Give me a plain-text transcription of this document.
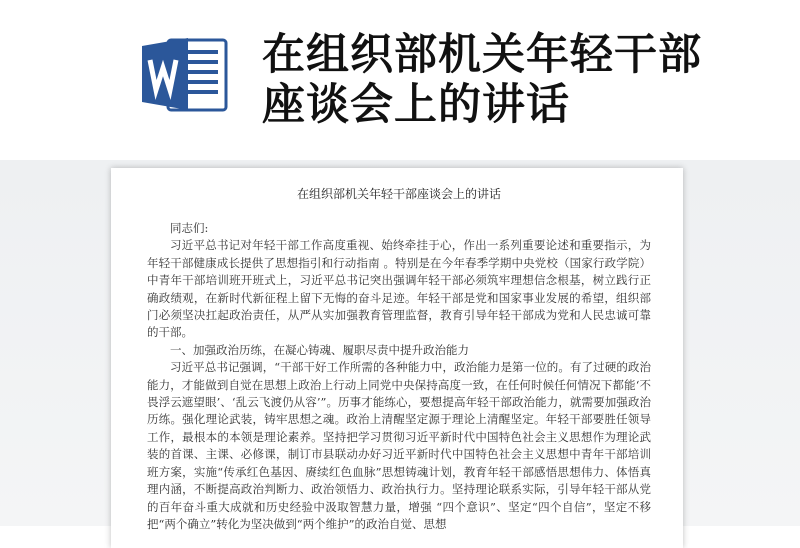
在组织部机关年轻干部座谈会上的讲话
在组织部机关年轻干部座谈会上的讲话

同志们:

习近平总书记对年轻干部工作高度重视、始终牵挂于心，作出一系列重要论述和重要指示，为年轻干部健康成长提供了思想指引和行动指南 。特别是在今年春季学期中央党校（国家行政学院）中青年干部培训班开班式上，习近平总书记突出强调年轻干部必须筑牢理想信念根基，树立践行正确政绩观，在新时代新征程上留下无悔的奋斗足迹。年轻干部是党和国家事业发展的希望，组织部门必须坚决扛起政治责任，从严从实加强教育管理监督，教育引导年轻干部成为党和人民忠诚可靠的干部。

一、加强政治历练，在凝心铸魂、履职尽责中提升政治能力

习近平总书记强调，“干部干好工作所需的各种能力中，政治能力是第一位的。有了过硬的政治能力，才能做到自觉在思想上政治上行动上同党中央保持高度一致，在任何时候任何情况下都能‘不畏浮云遮望眼’、‘乱云飞渡仍从容’”。历事才能练心，要想提高年轻干部政治能力，就需要加强政治历练。强化理论武装，铸牢思想之魂。政治上清醒坚定源于理论上清醒坚定。年轻干部要胜任领导工作，最根本的本领是理论素养。坚持把学习贯彻习近平新时代中国特色社会主义思想作为理论武装的首课、主课、必修课，制订市县联动办好习近平新时代中国特色社会主义思想中青年干部培训班方案，实施“传承红色基因、赓续红色血脉”思想铸魂计划，教育年轻干部感悟思想伟力、体悟真理内涵，不断提高政治判断力、政治领悟力、政治执行力。坚持理论联系实际，引导年轻干部从党的百年奋斗重大成就和历史经验中汲取智慧力量，增强 “四个意识”、坚定“四个自信”，坚定不移把“两个确立”转化为坚决做到“两个维护”的政治自觉、思想
